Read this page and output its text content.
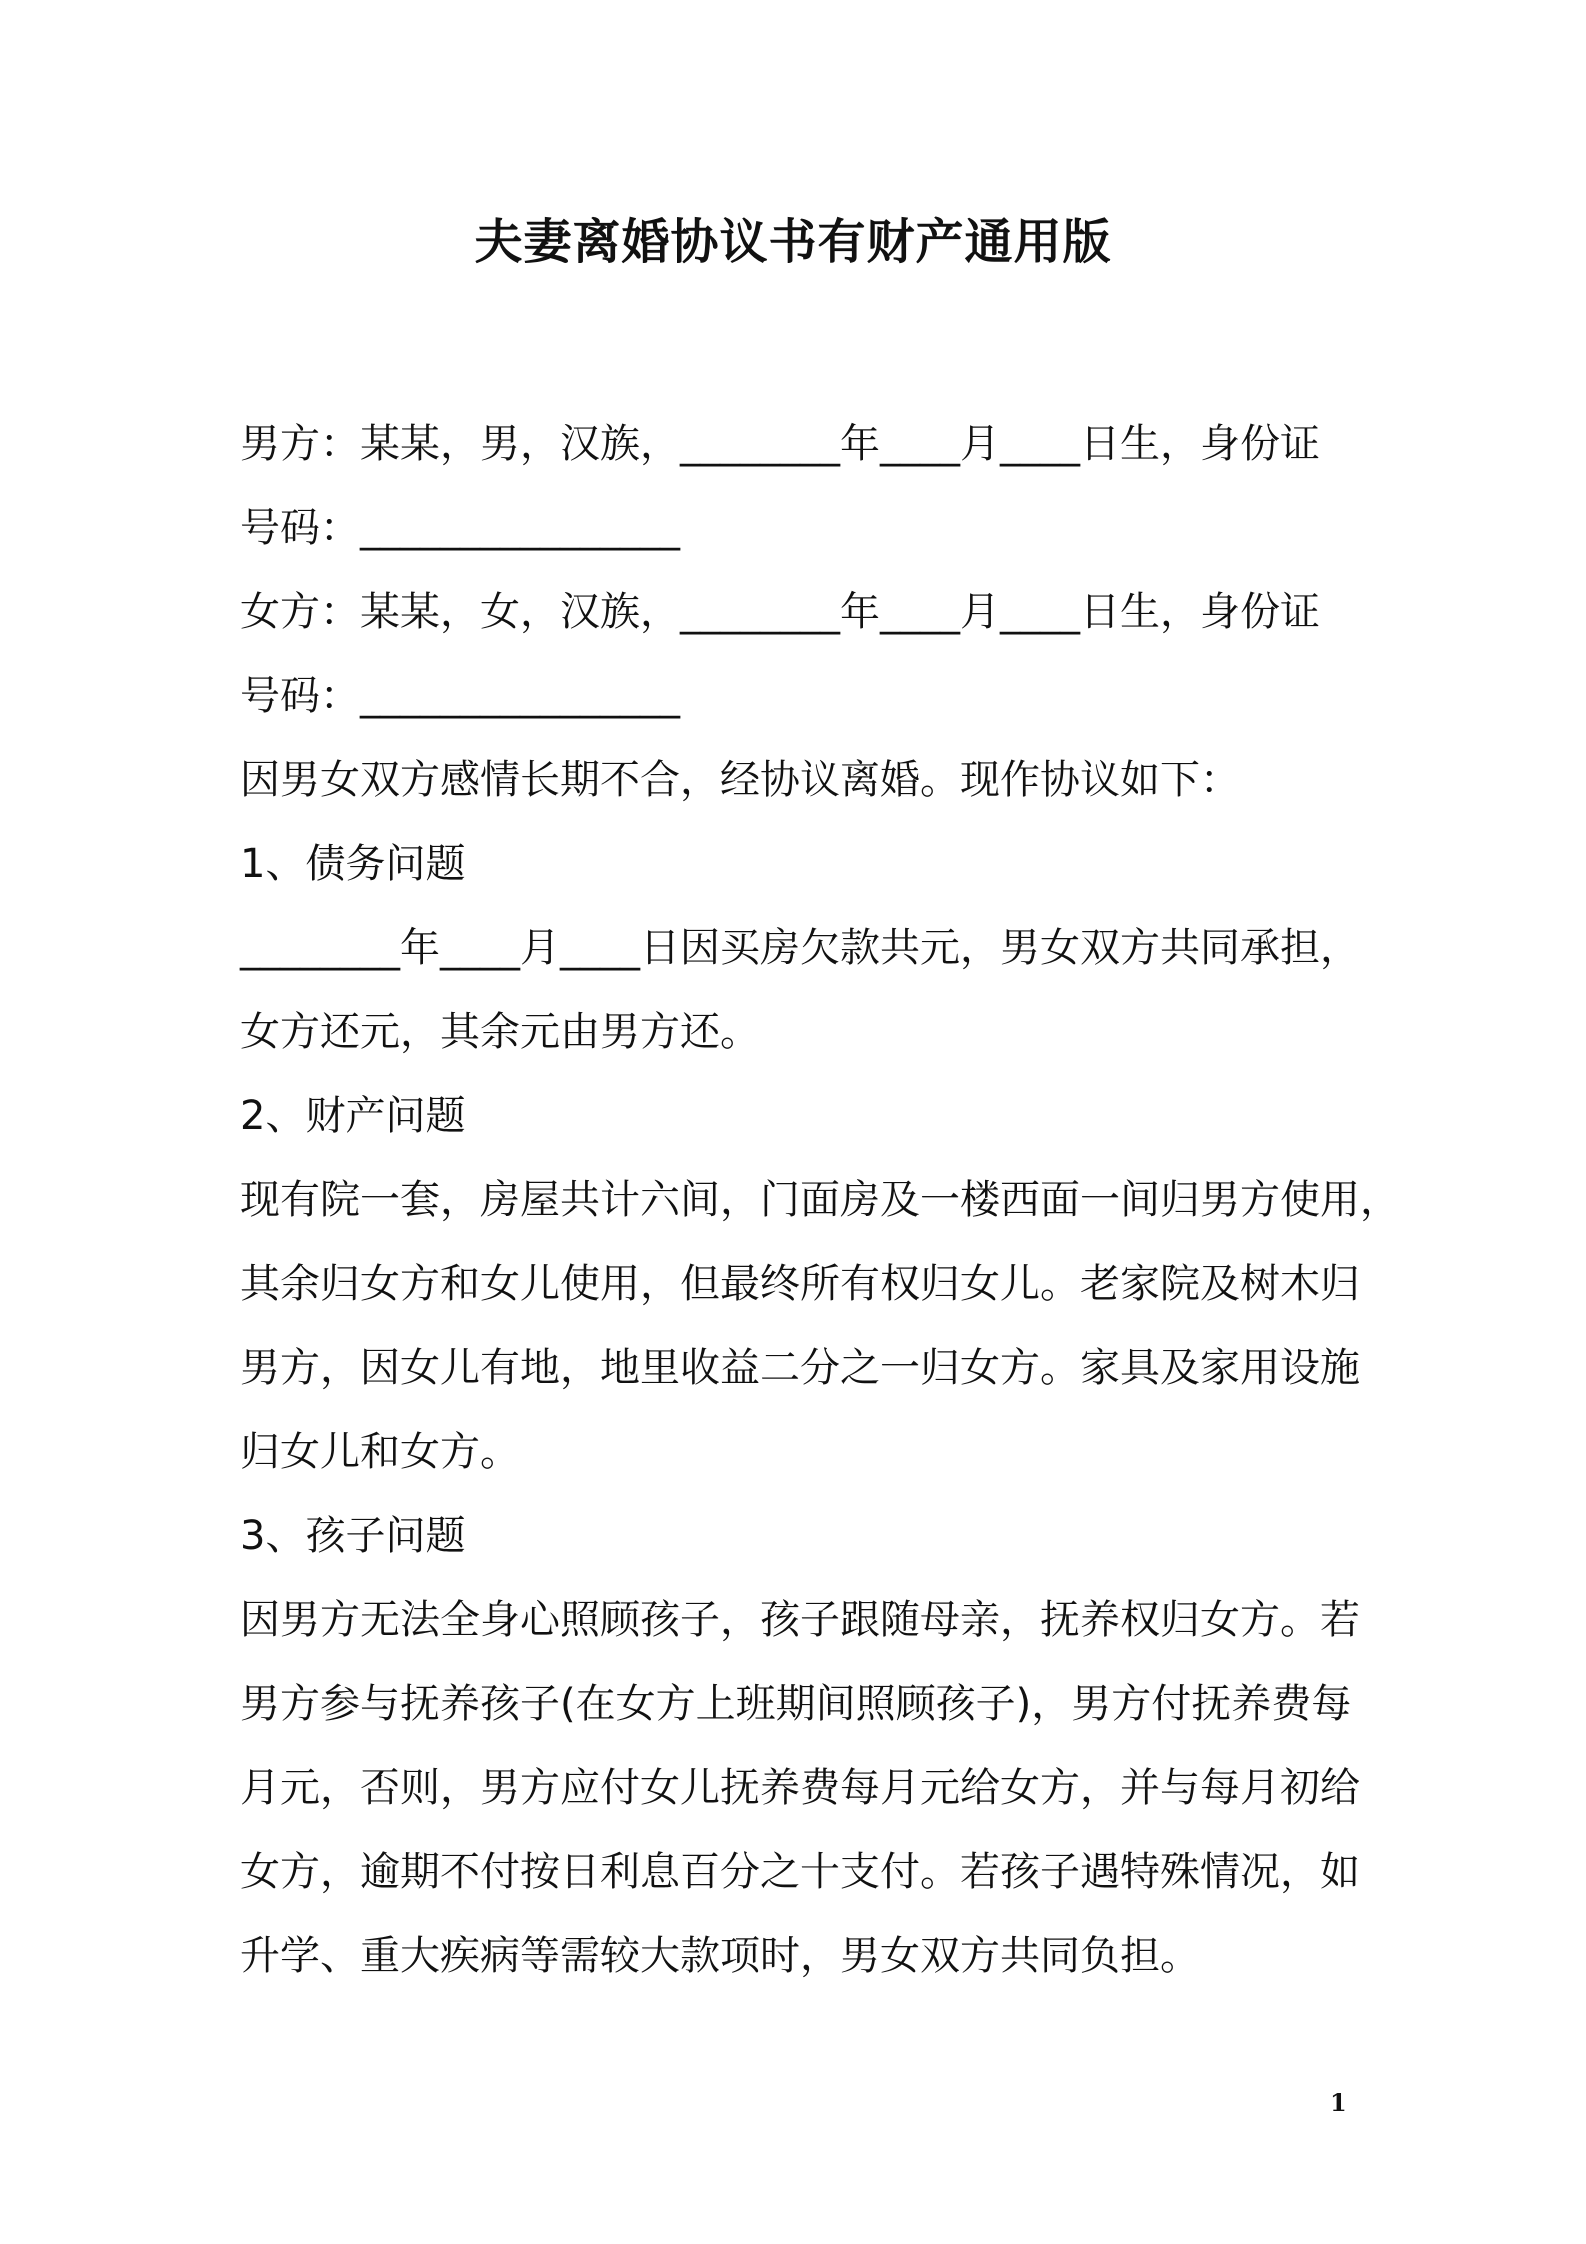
夫妻离婚协议书有财产通用版
男方：某某，男，汉族，________年____月____日生，身份证
号码：________________
女方：某某，女，汉族，________年____月____日生，身份证
号码：________________
因男女双方感情长期不合，经协议离婚。现作协议如下：
1、债务问题
________年____月____日因买房欠款共元，男女双方共同承担，
女方还元，其余元由男方还。
2、财产问题
现有院一套，房屋共计六间，门面房及一楼西面一间归男方使用，
其余归女方和女儿使用，但最终所有权归女儿。老家院及树木归
男方，因女儿有地，地里收益二分之一归女方。家具及家用设施
归女儿和女方。
3、孩子问题
因男方无法全身心照顾孩子，孩子跟随母亲，抚养权归女方。若
男方参与抚养孩子(在女方上班期间照顾孩子)，男方付抚养费每
月元，否则，男方应付女儿抚养费每月元给女方，并与每月初给
女方，逾期不付按日利息百分之十支付。若孩子遇特殊情况，如
升学、重大疾病等需较大款项时，男女双方共同负担。
1
